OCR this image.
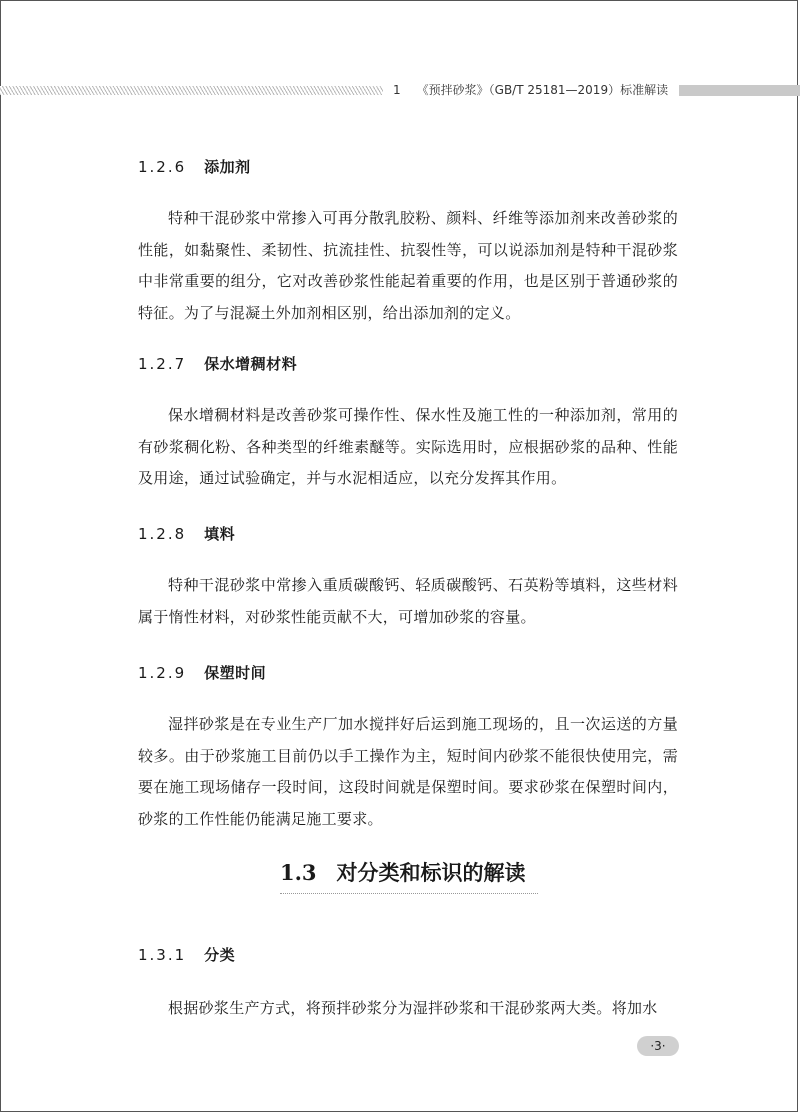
1 《预拌砂浆》（GB/T 25181—2019）标准解读
1.2.6 添加剂
特种干混砂浆中常掺入可再分散乳胶粉、颜料、纤维等添加剂来改善砂浆的性能，如黏聚性、柔韧性、抗流挂性、抗裂性等，可以说添加剂是特种干混砂浆中非常重要的组分，它对改善砂浆性能起着重要的作用，也是区别于普通砂浆的特征。为了与混凝土外加剂相区别，给出添加剂的定义。
1.2.7 保水增稠材料
保水增稠材料是改善砂浆可操作性、保水性及施工性的一种添加剂，常用的有砂浆稠化粉、各种类型的纤维素醚等。实际选用时，应根据砂浆的品种、性能及用途，通过试验确定，并与水泥相适应，以充分发挥其作用。
1.2.8 填料
特种干混砂浆中常掺入重质碳酸钙、轻质碳酸钙、石英粉等填料，这些材料属于惰性材料，对砂浆性能贡献不大，可增加砂浆的容量。
1.2.9 保塑时间
湿拌砂浆是在专业生产厂加水搅拌好后运到施工现场的，且一次运送的方量较多。由于砂浆施工目前仍以手工操作为主，短时间内砂浆不能很快使用完，需要在施工现场储存一段时间，这段时间就是保塑时间。要求砂浆在保塑时间内，砂浆的工作性能仍能满足施工要求。
1.3 对分类和标识的解读
1.3.1 分类
根据砂浆生产方式，将预拌砂浆分为湿拌砂浆和干混砂浆两大类。将加水
·3·
